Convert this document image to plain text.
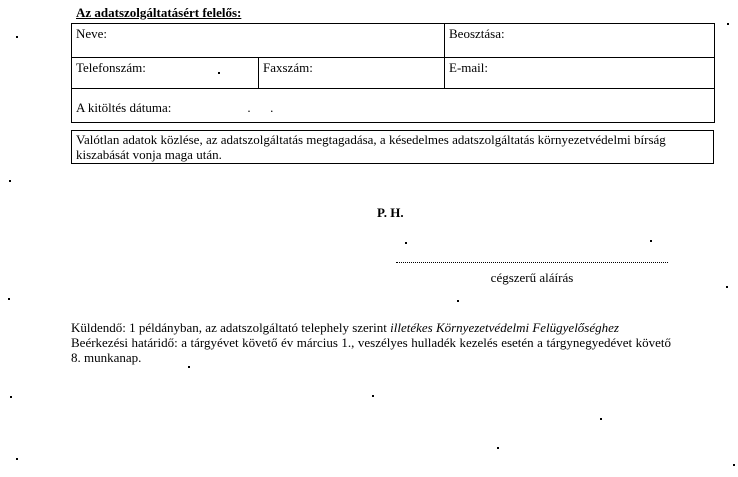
Az adatszolgáltatásért felelős:
Neve:		Beosztása:
Telefonszám:	Faxszám:	E-mail:
A kitöltés dátuma: .      .		
Valótlan adatok közlése, az adatszolgáltatás megtagadása, a késedelmes adatszolgáltatás környezetvédelmi bírság kiszabását vonja maga után.
P. H.
cégszerű aláírás

Küldendő: 1 példányban, az adatszolgáltató telephely szerint illetékes Környezetvédelmi Felügyelőséghez

Beérkezési határidő: a tárgyévet követő év március 1., veszélyes hulladék kezelés esetén a tárgynegyedévet követő 8. munkanap.
